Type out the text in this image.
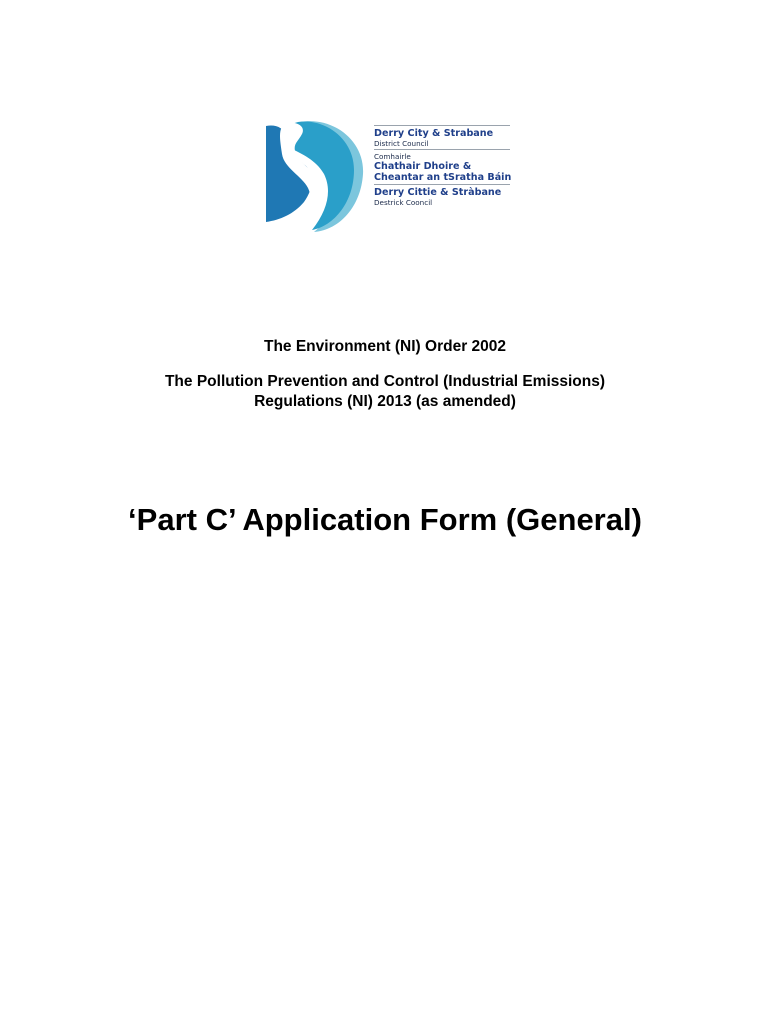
Derry City & Strabane
District Council
Comhairle
Chathair Dhoire &
Cheantar an tSratha Báin
Derry Cittie & Stràbane
Destrick Cooncil
The Environment (NI) Order 2002
The Pollution Prevention and Control (Industrial Emissions)
Regulations (NI) 2013 (as amended)
‘Part C’ Application Form (General)
